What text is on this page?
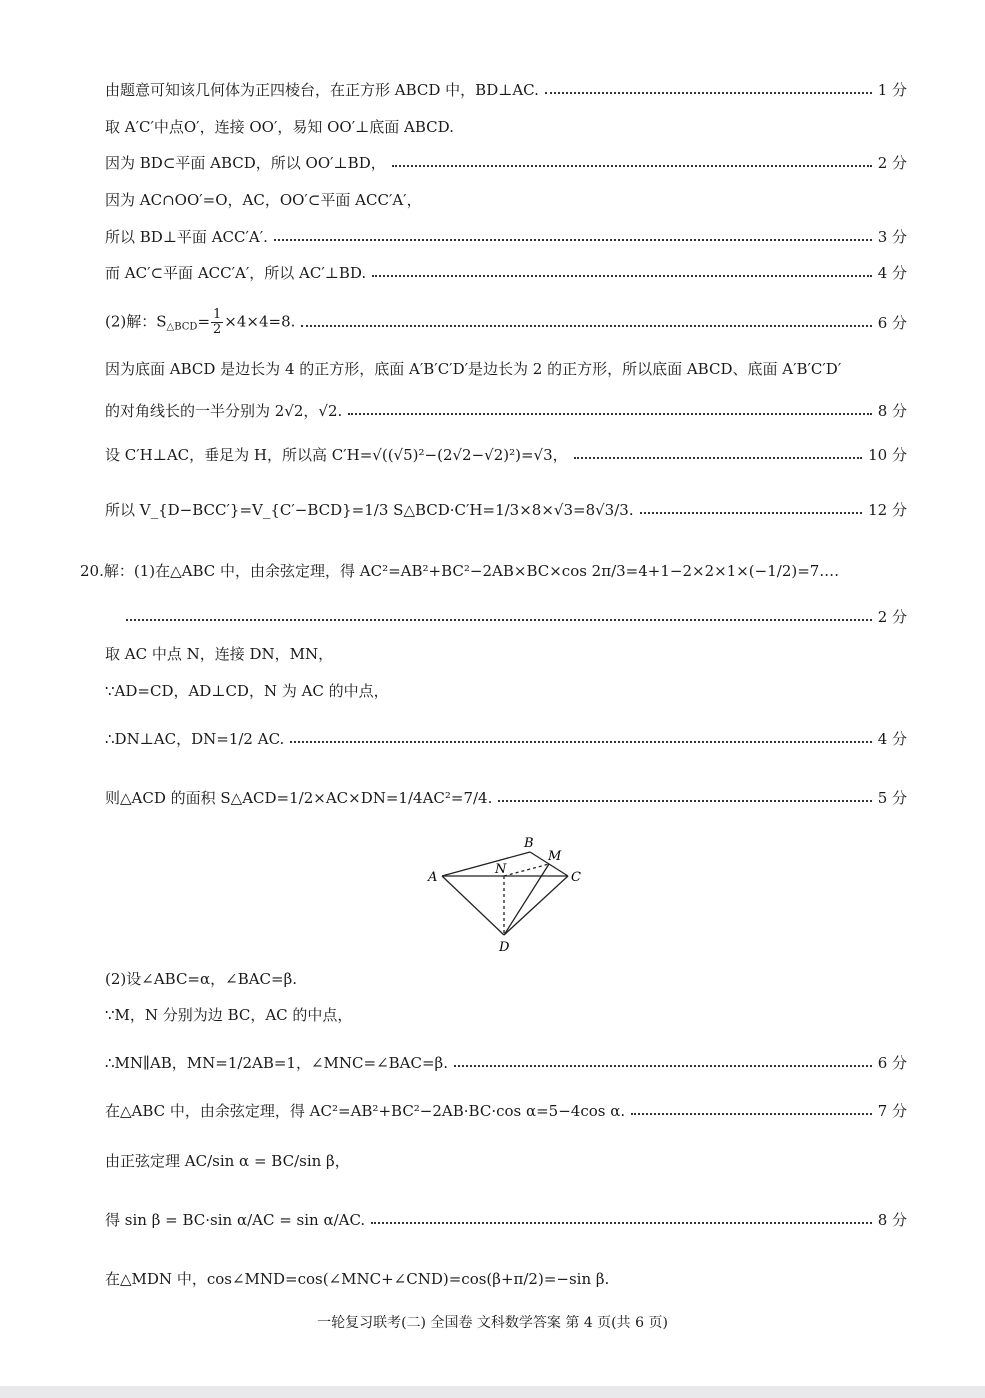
由题意可知该几何体为正四棱台，在正方形 ABCD 中，BD⊥AC.	1 分
取 A′C′中点O′，连接 OO′，易知 OO′⊥底面 ABCD.
因为 BD⊂平面 ABCD，所以 OO′⊥BD，	2 分
因为 AC∩OO′=O，AC，OO′⊂平面 ACC′A′，
所以 BD⊥平面 ACC′A′.	3 分
而 AC′⊂平面 ACC′A′，所以 AC′⊥BD.	4 分
(2)解：$S_{\triangle BCD}= \frac{1}{2} \times 4\times 4=8$.	6 分
因为底面 ABCD 是边长为 4 的正方形，底面 A′B′C′D′是边长为 2 的正方形，所以底面 ABCD、底面 A′B′C′D′
的对角线长的一半分别为 2√2，√2.	8 分
设 C′H⊥AC，垂足为 H，所以高 C′H=√((√5)²−(2√2−√2)²)=√3，	10 分
所以 V_{D−BCC′}=V_{C′−BCD}=1/3 S△BCD·C′H=1/3×8×√3=8√3/3.	12 分
20.解：(1)在△ABC 中，由余弦定理，得 AC²=AB²+BC²−2AB×BC×cos 2π/3=4+1−2×2×1×(−1/2)=7.…
2 分
取 AC 中点 N，连接 DN，MN，
∵AD=CD，AD⊥CD，N 为 AC 的中点，
∴DN⊥AC，DN=1/2 AC.	4 分
则△ACD 的面积 S△ACD=1/2×AC×DN=1/4AC²=7/4.	5 分
A
B
C
D
M
N
(2)设∠ABC=α，∠BAC=β.
∵M，N 分别为边 BC，AC 的中点，
∴MN∥AB，MN=1/2AB=1，∠MNC=∠BAC=β.	6 分
在△ABC 中，由余弦定理，得 AC²=AB²+BC²−2AB·BC·cos α=5−4cos α.	7 分
由正弦定理 AC/sin α = BC/sin β，
得 sin β = BC·sin α/AC = sin α/AC.	8 分
在△MDN 中，cos∠MND=cos(∠MNC+∠CND)=cos(β+π/2)=−sin β.
一轮复习联考(二) 全国卷 文科数学答案 第 4 页(共 6 页)
